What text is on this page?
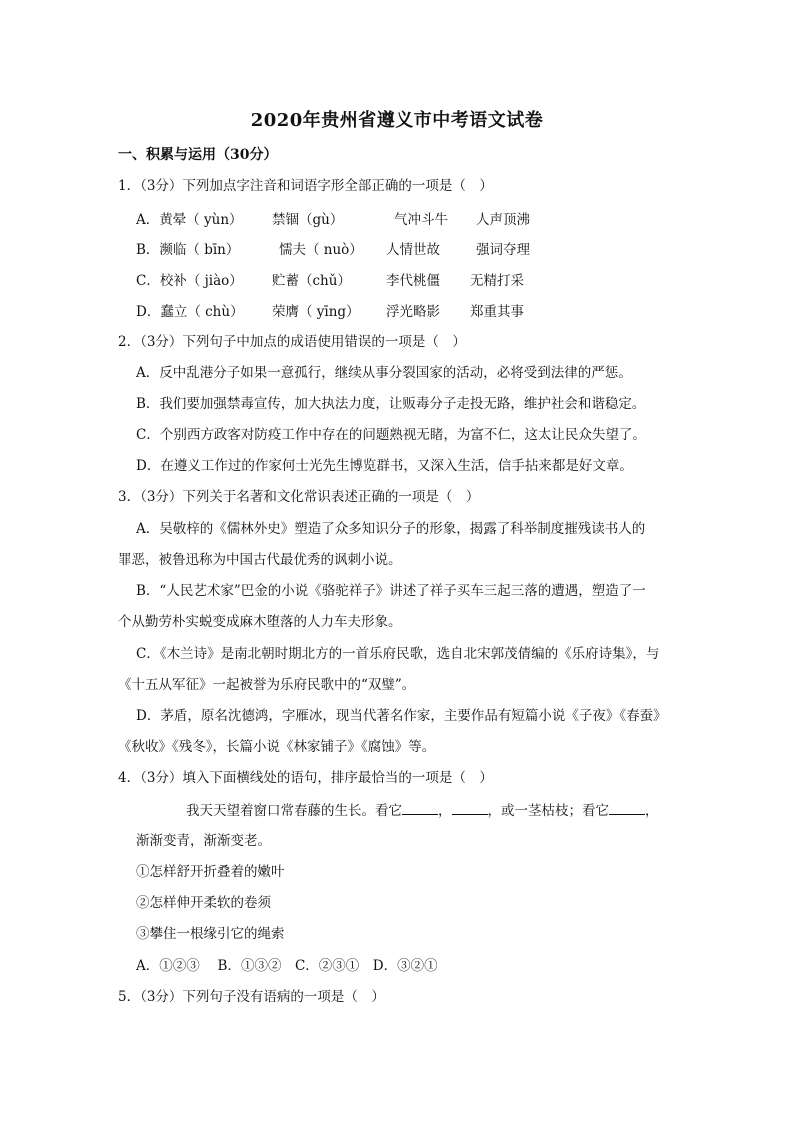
2020年贵州省遵义市中考语文试卷
一、积累与运用（30分）
1．（3分）下列加点字注音和词语字形全部正确的一项是（　）
A．黄晕（ yùn） 禁锢（gù）	气冲斗牛 人声顶沸
B．濒临（ bīn）	懦夫（ nuò） 人情世故	强词夺理
C．校补（ jiào） 贮蓄（chǔ）	李代桃僵 无精打采
D．蠢立（ chù） 荣膺（ yīng） 浮光略影 郑重其事
2．（3分）下列句子中加点的成语使用错误的一项是（　）
A．反中乱港分子如果一意孤行，继续从事分裂国家的活动，必将受到法律的严惩。
B．我们要加强禁毒宣传，加大执法力度，让贩毒分子走投无路，维护社会和谐稳定。
C．个别西方政客对防疫工作中存在的问题熟视无睹，为富不仁，这太让民众失望了。
D．在遵义工作过的作家何士光先生博览群书，又深入生活，信手拈来都是好文章。
3．（3分）下列关于名著和文化常识表述正确的一项是（　）
A．吴敬梓的《儒林外史》塑造了众多知识分子的形象，揭露了科举制度摧残读书人的
罪恶，被鲁迅称为中国古代最优秀的讽刺小说。
B．“人民艺术家”巴金的小说《骆驼祥子》讲述了祥子买车三起三落的遭遇，塑造了一
个从勤劳朴实蜕变成麻木堕落的人力车夫形象。
C．《木兰诗》是南北朝时期北方的一首乐府民歌，选自北宋郭茂倩编的《乐府诗集》，与
《十五从军征》一起被誉为乐府民歌中的“双璧”。
D．茅盾，原名沈德鸿，字雁冰，现当代著名作家，主要作品有短篇小说《子夜》《春蚕》
《秋收》《残冬》，长篇小说《林家铺子》《腐蚀》等。
4．（3分）填入下面横线处的语句，排序最恰当的一项是（　）
我天天望着窗口常春藤的生长。看它	，	，或一茎枯枝；看它	，
渐渐变青，渐渐变老。
①怎样舒开折叠着的嫩叶
②怎样伸开柔软的卷须
③攀住一根缘引它的绳索
A．①②③　 B．①③②　C．②③①　D．③②①
5．（3分）下列句子没有语病的一项是（　）
